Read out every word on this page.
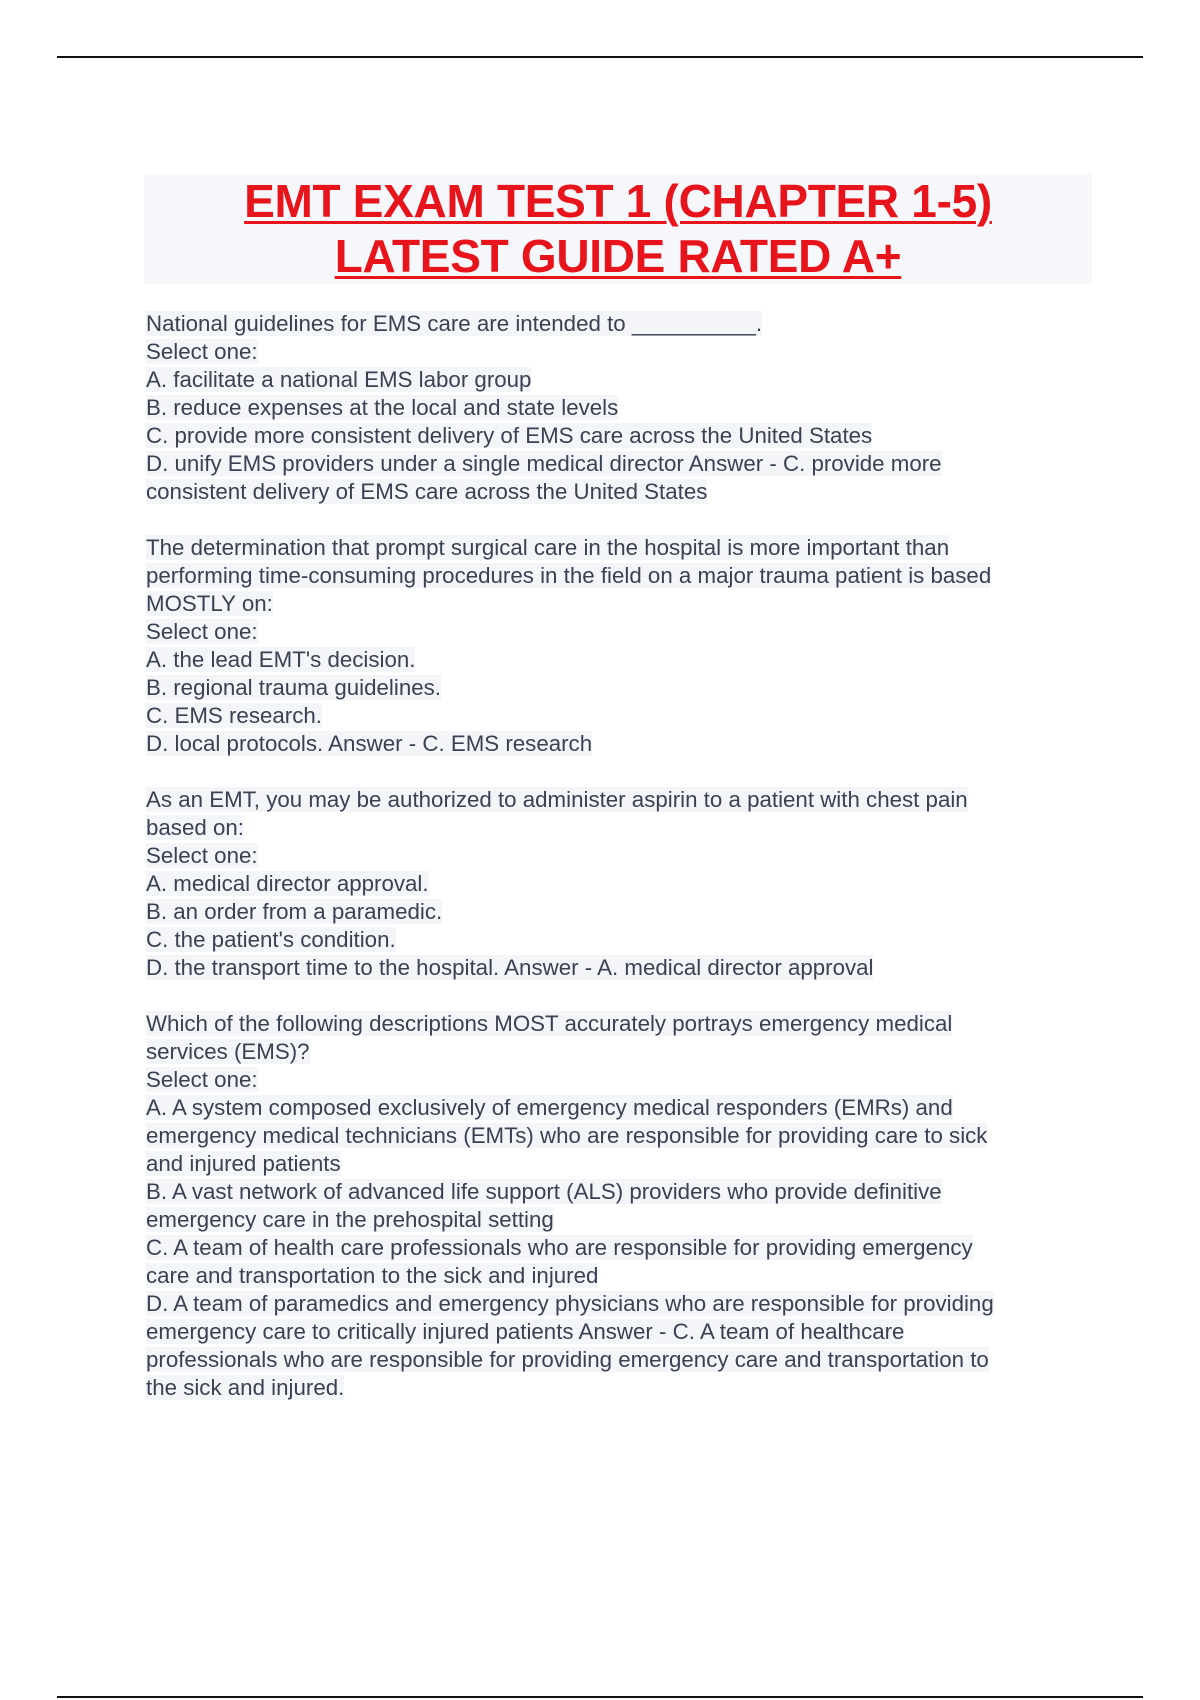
EMT EXAM TEST 1 (CHAPTER 1-5)
LATEST GUIDE RATED A+
National guidelines for EMS care are intended to __________.
Select one:
A. facilitate a national EMS labor group
B. reduce expenses at the local and state levels
C. provide more consistent delivery of EMS care across the United States
D. unify EMS providers under a single medical director Answer - C. provide more
consistent delivery of EMS care across the United States
The determination that prompt surgical care in the hospital is more important than
performing time-consuming procedures in the field on a major trauma patient is based
MOSTLY on:
Select one:
A. the lead EMT's decision.
B. regional trauma guidelines.
C. EMS research.
D. local protocols. Answer - C. EMS research
As an EMT, you may be authorized to administer aspirin to a patient with chest pain
based on:
Select one:
A. medical director approval.
B. an order from a paramedic.
C. the patient's condition.
D. the transport time to the hospital. Answer - A. medical director approval
Which of the following descriptions MOST accurately portrays emergency medical
services (EMS)?
Select one:
A. A system composed exclusively of emergency medical responders (EMRs) and
emergency medical technicians (EMTs) who are responsible for providing care to sick
and injured patients
B. A vast network of advanced life support (ALS) providers who provide definitive
emergency care in the prehospital setting
C. A team of health care professionals who are responsible for providing emergency
care and transportation to the sick and injured
D. A team of paramedics and emergency physicians who are responsible for providing
emergency care to critically injured patients Answer - C. A team of healthcare
professionals who are responsible for providing emergency care and transportation to
the sick and injured.
